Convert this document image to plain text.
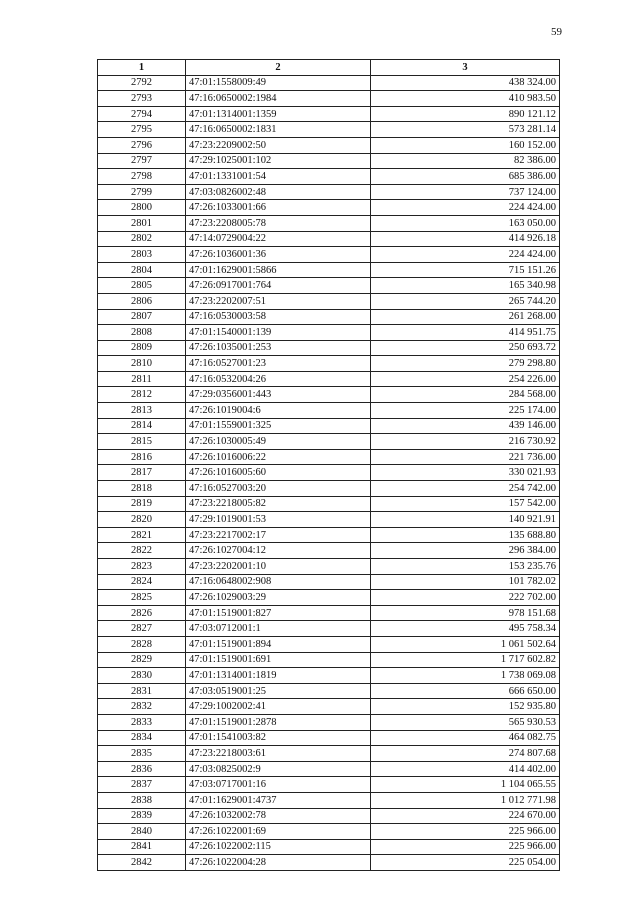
59
1	2	3
2792	47:01:1558009:49	438 324.00
2793	47:16:0650002:1984	410 983.50
2794	47:01:1314001:1359	890 121.12
2795	47:16:0650002:1831	573 281.14
2796	47:23:2209002:50	160 152.00
2797	47:29:1025001:102	82 386.00
2798	47:01:1331001:54	685 386.00
2799	47:03:0826002:48	737 124.00
2800	47:26:1033001:66	224 424.00
2801	47:23:2208005:78	163 050.00
2802	47:14:0729004:22	414 926.18
2803	47:26:1036001:36	224 424.00
2804	47:01:1629001:5866	715 151.26
2805	47:26:0917001:764	165 340.98
2806	47:23:2202007:51	265 744.20
2807	47:16:0530003:58	261 268.00
2808	47:01:1540001:139	414 951.75
2809	47:26:1035001:253	250 693.72
2810	47:16:0527001:23	279 298.80
2811	47:16:0532004:26	254 226.00
2812	47:29:0356001:443	284 568.00
2813	47:26:1019004:6	225 174.00
2814	47:01:1559001:325	439 146.00
2815	47:26:1030005:49	216 730.92
2816	47:26:1016006:22	221 736.00
2817	47:26:1016005:60	330 021.93
2818	47:16:0527003:20	254 742.00
2819	47:23:2218005:82	157 542.00
2820	47:29:1019001:53	140 921.91
2821	47:23:2217002:17	135 688.80
2822	47:26:1027004:12	296 384.00
2823	47:23:2202001:10	153 235.76
2824	47:16:0648002:908	101 782.02
2825	47:26:1029003:29	222 702.00
2826	47:01:1519001:827	978 151.68
2827	47:03:0712001:1	495 758.34
2828	47:01:1519001:894	1 061 502.64
2829	47:01:1519001:691	1 717 602.82
2830	47:01:1314001:1819	1 738 069.08
2831	47:03:0519001:25	666 650.00
2832	47:29:1002002:41	152 935.80
2833	47:01:1519001:2878	565 930.53
2834	47:01:1541003:82	464 082.75
2835	47:23:2218003:61	274 807.68
2836	47:03:0825002:9	414 402.00
2837	47:03:0717001:16	1 104 065.55
2838	47:01:1629001:4737	1 012 771.98
2839	47:26:1032002:78	224 670.00
2840	47:26:1022001:69	225 966.00
2841	47:26:1022002:115	225 966.00
2842	47:26:1022004:28	225 054.00
